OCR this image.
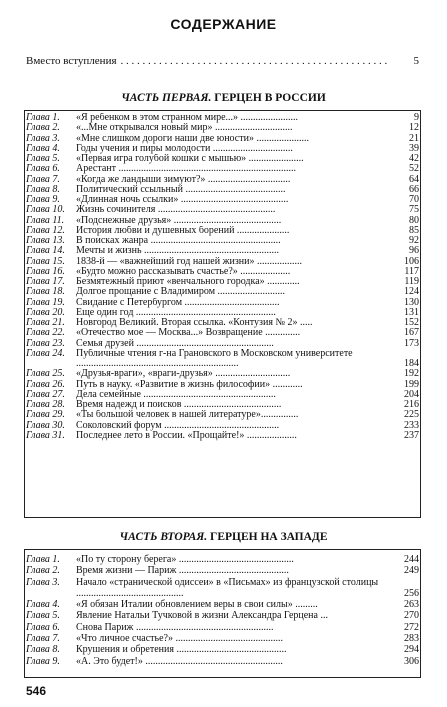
СОДЕРЖАНИЕ
Вместо вступления . . . . . . . . . . . . . . . . . . . . . . . . . . . . . . . . . . . . . . . . . . . . . . . . .	5
ЧАСТЬ ПЕРВАЯ. ГЕРЦЕН В РОССИИ
Глава 1.	«Я ребенком в этом странном мире...» .......................	9
Глава 2.	«...Мне открывался новый мир» ...............................	12
Глава 3.	«Мне слишком дороги наши две юности» .....................	21
Глава 4.	Годы учения и пиры молодости ................................	39
Глава 5.	«Первая игра голубой кошки с мышью» ......................	42
Глава 6.	Арестант .......................................................................	52
Глава 7.	«Когда же ландыши зимуют?» .................................	64
Глава 8.	Политический ссыльный ........................................	66
Глава 9.	«Длинная ночь ссылки» ...........................................	70
Глава 10.	Жизнь сочинителя ...............................................	75
Глава 11.	«Подснежные друзья» ...........................................	80
Глава 12.	История любви и душевных борений .....................	85
Глава 13.	В поисках жанра ....................................................	92
Глава 14.	Мечты и жизнь ......................................................	96
Глава 15.	1838-й — «важнейший год нашей жизни» ..................	106
Глава 16.	«Будто можно рассказывать счастье?» ....................	117
Глава 17.	Безмятежный приют «венчального городка» .............	119
Глава 18.	Долгое прощание с Владимиром ...........................	124
Глава 19.	Свидание с Петербургом ......................................	130
Глава 20.	Еще один год ........................................................	131
Глава 21.	Новгород Великий. Вторая ссылка. «Контузия № 2» .....	152
Глава 22.	«Отечество мое — Москва...» Возвращение ..............	167
Глава 23.	Семья друзей .......................................................	173
Глава 24.	Публичные чтения г-на Грановского в Московском университете .................................................................	184
Глава 25.	«Друзья-враги», «враги-друзья» ..............................	192
Глава 26.	Путь в науку. «Развитие в жизнь философии» ............	199
Глава 27.	Дела семейные .....................................................	204
Глава 28.	Время надежд и поисков .......................................	216
Глава 29.	«Ты большой человек в нашей литературе»...............	225
Глава 30.	Соколовский форум ..............................................	233
Глава 31.	Последнее лето в России. «Прощайте!» ....................	237
ЧАСТЬ ВТОРАЯ. ГЕРЦЕН НА ЗАПАДЕ
Глава 1.	«По ту сторону берега» ..............................................	244
Глава 2.	Время жизни — Париж ............................................	249
Глава 3.	Начало «странической одиссеи» в «Письмах» из французской столицы ...........................................	256
Глава 4.	«Я обязан Италии обновлением веры в свои силы» .........	263
Глава 5.	Явление Натальи Тучковой в жизни Александра Герцена ...	270
Глава 6.	Снова Париж .......................................................	272
Глава 7.	«Что личное счастье?» ...........................................	283
Глава 8.	Крушения и обретения ............................................	294
Глава 9.	«А. Это будет!» .......................................................	306
546
